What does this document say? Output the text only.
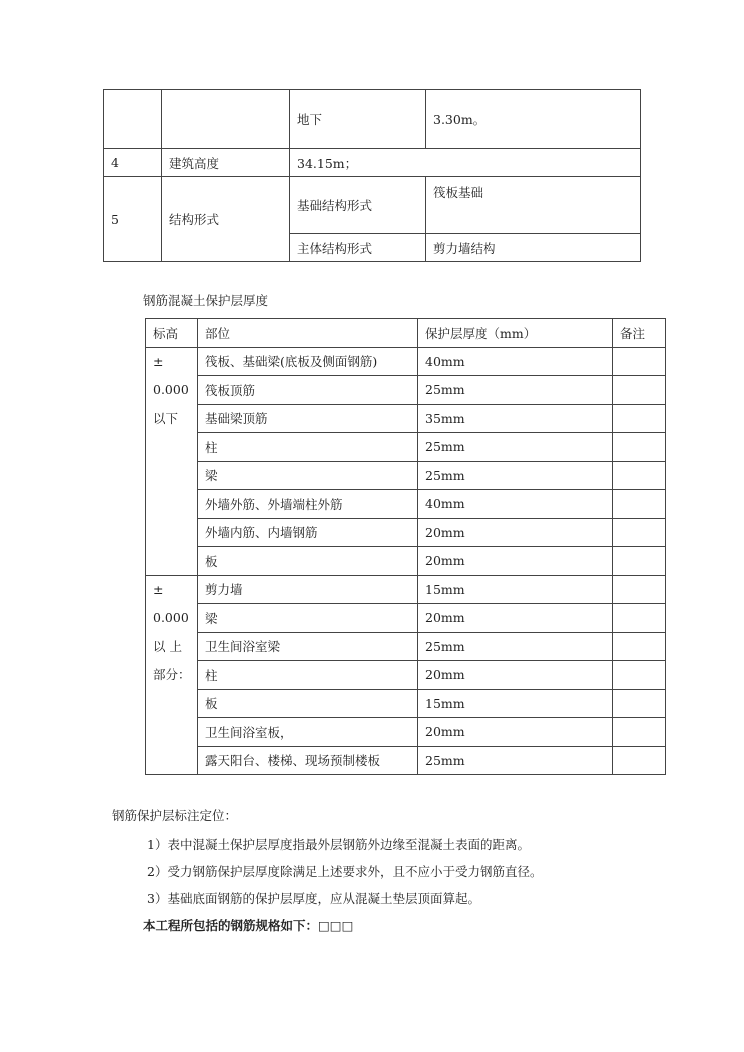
		地下	3.30m。
4	建筑高度	34.15m；	
5	结构形式	基础结构形式	筏板基础
		主体结构形式	剪力墙结构
钢筋混凝土保护层厚度
标高	部位	保护层厚度（mm）	备注

±
0.000
以下	筏板、基础梁(底板及侧面钢筋)	40mm	
	筏板顶筋	25mm	
	基础梁顶筋	35mm	
	柱	25mm	
	梁	25mm	
	外墙外筋、外墙端柱外筋	40mm	
	外墙内筋、内墙钢筋	20mm	
	板	20mm	

±
0.000
以 上
部分：	剪力墙	15mm	
	梁	20mm	
	卫生间浴室梁	25mm	
	柱	20mm	
	板	15mm	
	卫生间浴室板，	20mm	
	露天阳台、楼梯、现场预制楼板	25mm	
钢筋保护层标注定位：
1）表中混凝土保护层厚度指最外层钢筋外边缘至混凝土表面的距离。
2）受力钢筋保护层厚度除满足上述要求外，且不应小于受力钢筋直径。
3）基础底面钢筋的保护层厚度，应从混凝土垫层顶面算起。
本工程所包括的钢筋规格如下：□□□
